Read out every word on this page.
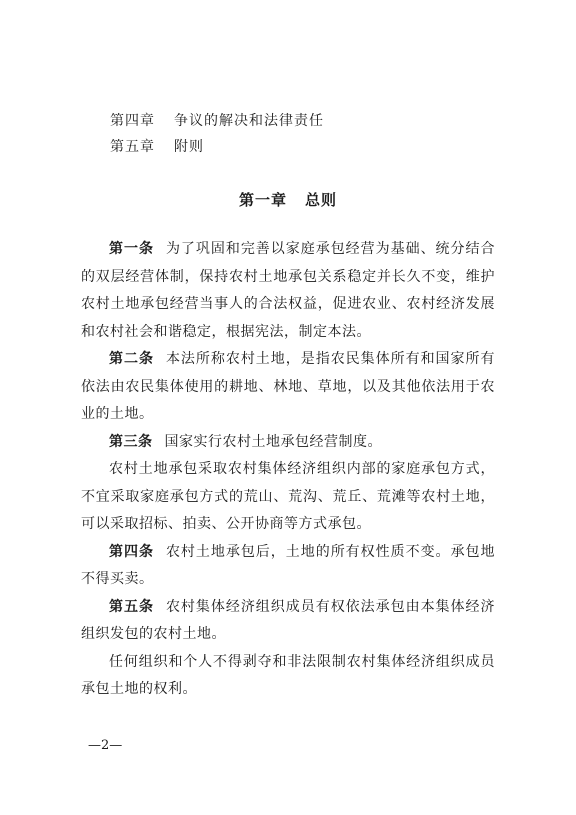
第四章 争议的解决和法律责任
第五章 附则
第一章 总则

第一条 为了巩固和完善以家庭承包经营为基础、统分结合的双层经营体制，保持农村土地承包关系稳定并长久不变，维护农村土地承包经营当事人的合法权益，促进农业、农村经济发展和农村社会和谐稳定，根据宪法，制定本法。

第二条 本法所称农村土地，是指农民集体所有和国家所有依法由农民集体使用的耕地、林地、草地，以及其他依法用于农业的土地。

第三条 国家实行农村土地承包经营制度。

农村土地承包采取农村集体经济组织内部的家庭承包方式，不宜采取家庭承包方式的荒山、荒沟、荒丘、荒滩等农村土地，可以采取招标、拍卖、公开协商等方式承包。

第四条 农村土地承包后，土地的所有权性质不变。承包地不得买卖。

第五条 农村集体经济组织成员有权依法承包由本集体经济组织发包的农村土地。

任何组织和个人不得剥夺和非法限制农村集体经济组织成员承包土地的权利。

—2—
